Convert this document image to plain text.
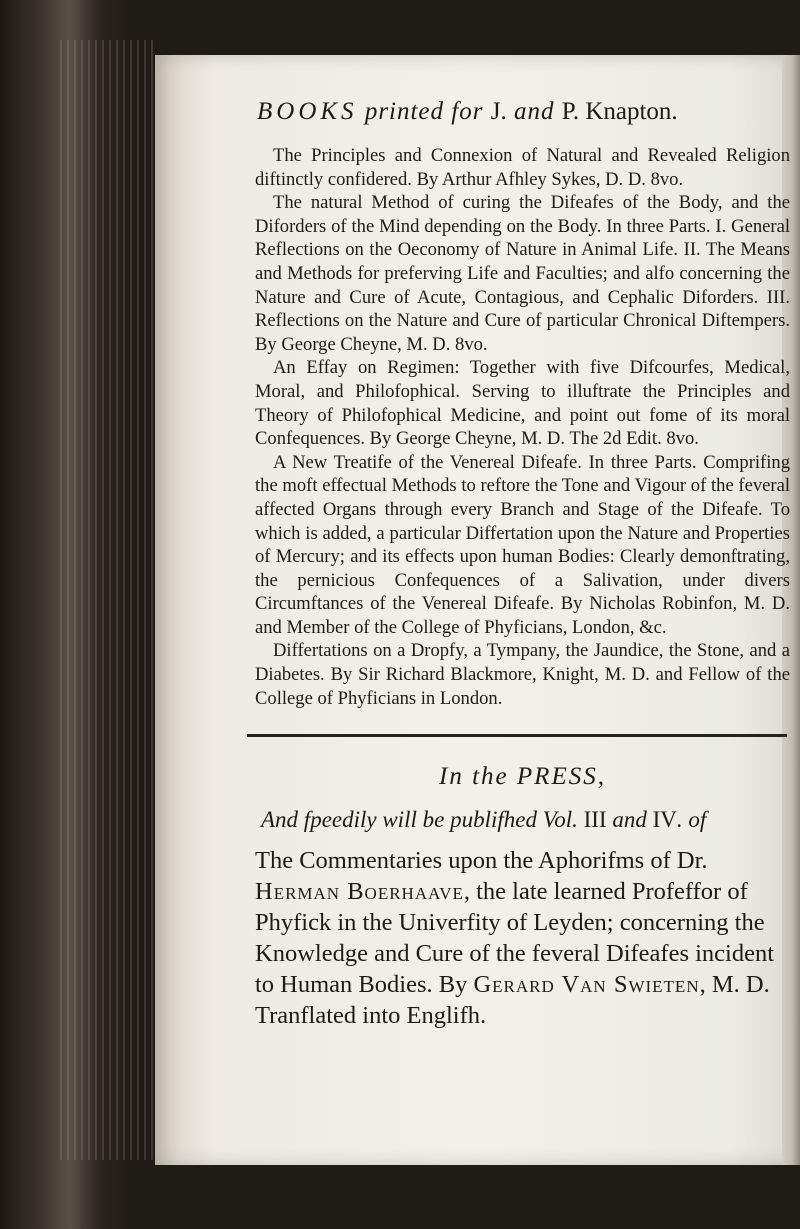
BOOKS printed for J. and P. Knapton.

The Principles and Connexion of Natural and Revealed Religion diftinctly confidered. By Arthur Afhley Sykes, D. D. 8vo.

The natural Method of curing the Difeafes of the Body, and the Diforders of the Mind depending on the Body. In three Parts. I. General Reflections on the Oeconomy of Nature in Animal Life. II. The Means and Methods for preferving Life and Faculties; and alfo concerning the Nature and Cure of Acute, Contagious, and Cephalic Diforders. III. Reflections on the Nature and Cure of particular Chronical Diftempers. By George Cheyne, M. D. 8vo.

An Effay on Regimen: Together with five Difcourfes, Medical, Moral, and Philofophical. Serving to illuftrate the Principles and Theory of Philofophical Medicine, and point out fome of its moral Confequences. By George Cheyne, M. D. The 2d Edit. 8vo.

A New Treatife of the Venereal Difeafe. In three Parts. Comprifing the moft effectual Methods to reftore the Tone and Vigour of the feveral affected Organs through every Branch and Stage of the Difeafe. To which is added, a particular Differtation upon the Nature and Properties of Mercury; and its effects upon human Bodies: Clearly demonftrating, the pernicious Confequences of a Salivation, under divers Circumftances of the Venereal Difeafe. By Nicholas Robinfon, M. D. and Member of the College of Phyficians, London, &c.

Differtations on a Dropfy, a Tympany, the Jaundice, the Stone, and a Diabetes. By Sir Richard Blackmore, Knight, M. D. and Fellow of the College of Phyficians in London.

In the PRESS,
And fpeedily will be publifhed Vol. III and IV. of

The Commentaries upon the Aphorifms of Dr. Herman Boerhaave, the late learned Profeffor of Phyfick in the Univerfity of Leyden; concerning the Knowledge and Cure of the feveral Difeafes incident to Human Bodies. By Gerard Van Swieten, M. D. Tranflated into Englifh.
